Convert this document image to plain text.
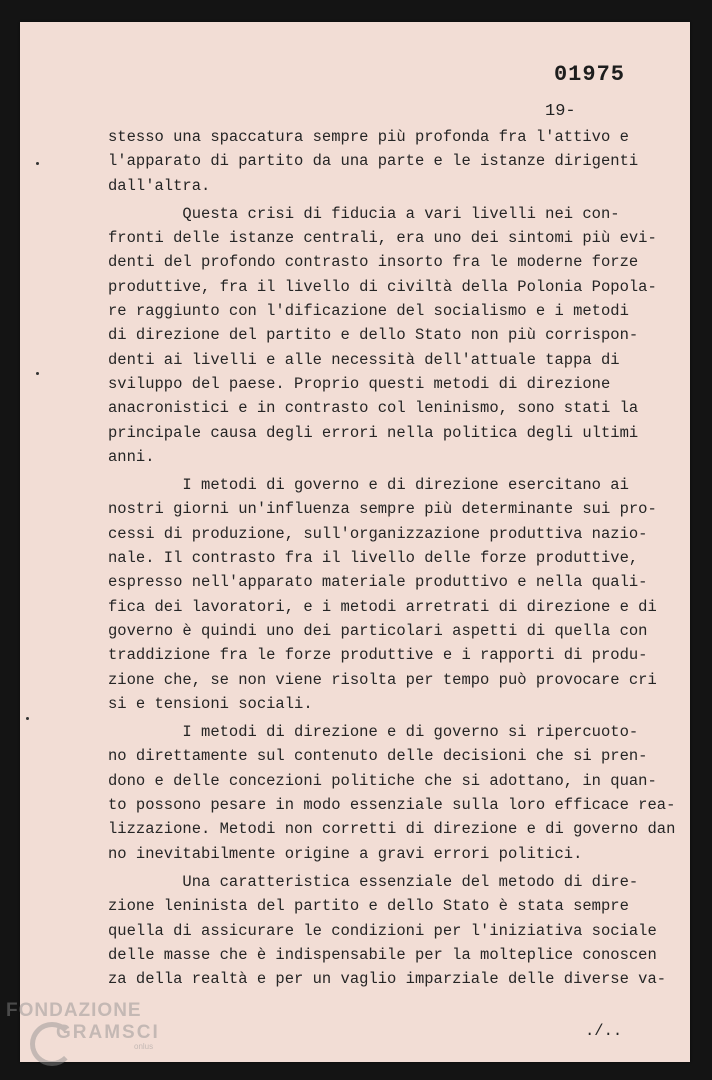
01975
19-
stesso una spaccatura sempre più profonda fra l'attivo e
l'apparato di partito da una parte e le istanze dirigenti
dall'altra.
Questa crisi di fiducia a vari livelli nei con-
fronti delle istanze centrali, era uno dei sintomi più evi-
denti del profondo contrasto insorto fra le moderne forze
produttive, fra il livello di civiltà della Polonia Popola-
re raggiunto con l'dificazione del socialismo e i metodi
di direzione del partito e dello Stato non più corrispon-
denti ai livelli e alle necessità dell'attuale tappa di
sviluppo del paese. Proprio questi metodi di direzione
anacronistici e in contrasto col leninismo, sono stati la
principale causa degli errori nella politica degli ultimi
anni.
I metodi di governo e di direzione esercitano ai
nostri giorni un'influenza sempre più determinante sui pro-
cessi di produzione, sull'organizzazione produttiva nazio-
nale. Il contrasto fra il livello delle forze produttive,
espresso nell'apparato materiale produttivo e nella quali-
fica dei lavoratori, e i metodi arretrati di direzione e di
governo è quindi uno dei particolari aspetti di quella con
traddizione fra le forze produttive e i rapporti di produ-
zione che, se non viene risolta per tempo può provocare cri
si e tensioni sociali.
I metodi di direzione e di governo si ripercuoto-
no direttamente sul contenuto delle decisioni che si pren-
dono e delle concezioni politiche che si adottano, in quan-
to possono pesare in modo essenziale sulla loro efficace rea-
lizzazione. Metodi non corretti di direzione e di governo dan
no inevitabilmente origine a gravi errori politici.
Una caratteristica essenziale del metodo di dire-
zione leninista del partito e dello Stato è stata sempre
quella di assicurare le condizioni per l'iniziativa sociale
delle masse che è indispensabile per la molteplice conoscen
za della realtà e per un vaglio imparziale delle diverse va-
./..
FONDAZIONE
GRAMSCI
onlus
